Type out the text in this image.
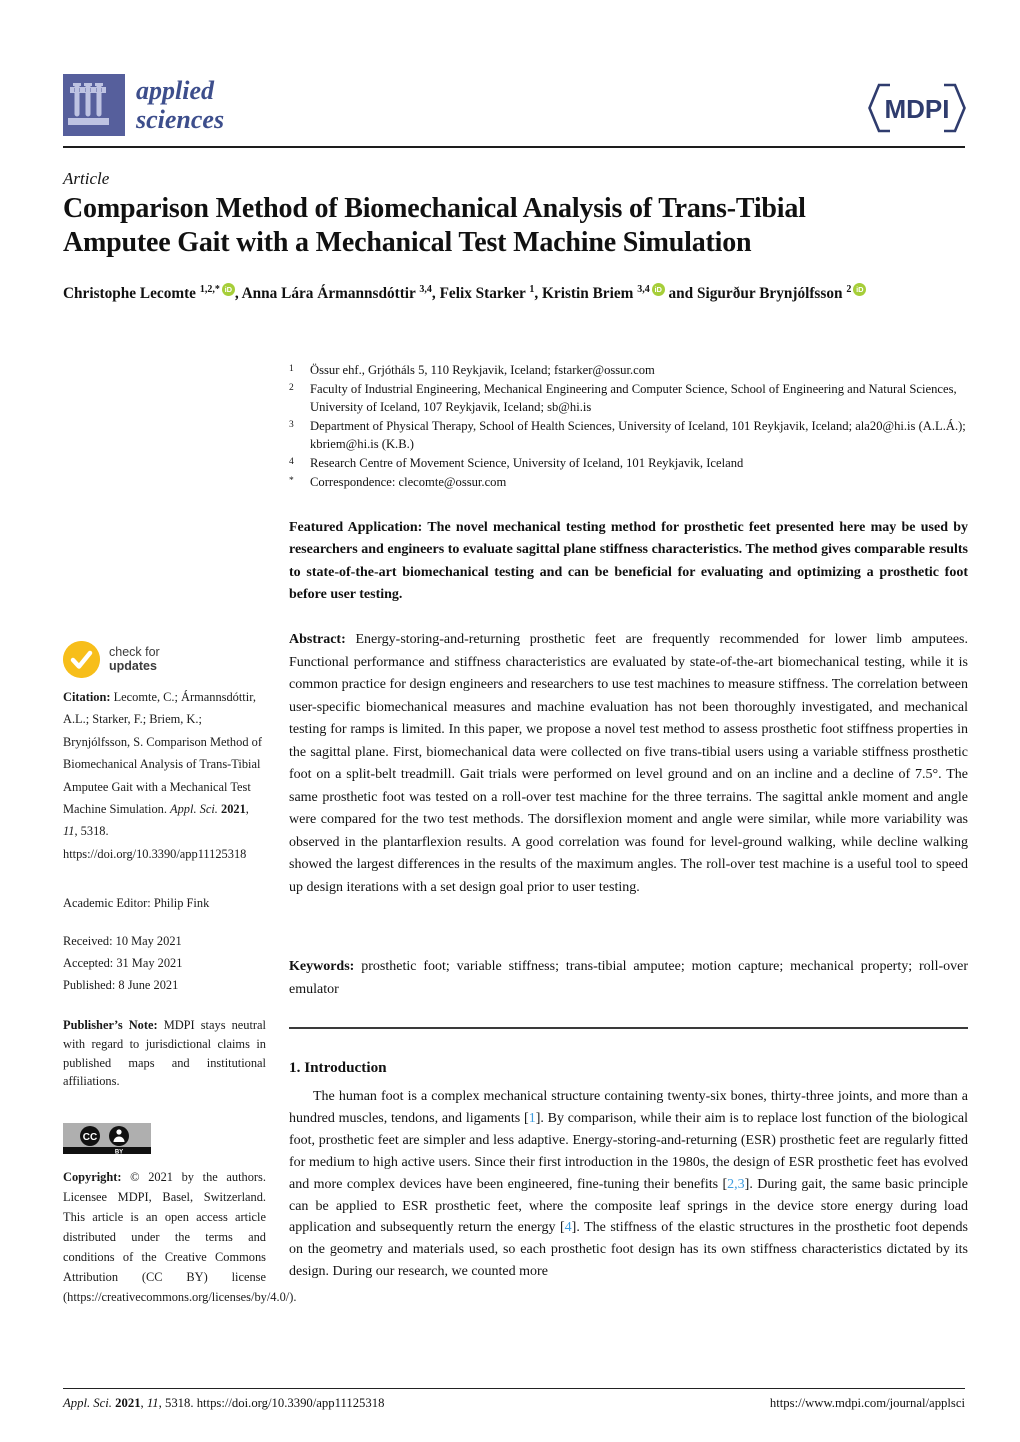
applied
sciences	MDPI
Article
Comparison Method of Biomechanical Analysis of Trans-Tibial
Amputee Gait with a Mechanical Test Machine Simulation

Christophe Lecomte $^{1,2,*}$ iD , Anna Lára Ármannsdóttir $^{3,4}$, Felix Starker $^1$, Kristin Briem $^{3,4}$ iD and Sigurður Brynjólfsson $^2$ iD

1	Össur ehf., Grjótháls 5, 110 Reykjavik, Iceland; fstarker@ossur.com
2	Faculty of Industrial Engineering, Mechanical Engineering and Computer Science, School of Engineering and Natural Sciences, University of Iceland, 107 Reykjavik, Iceland; sb@hi.is
3	Department of Physical Therapy, School of Health Sciences, University of Iceland, 101 Reykjavik, Iceland; ala20@hi.is (A.L.Á.); kbriem@hi.is (K.B.)
4	Research Centre of Movement Science, University of Iceland, 101 Reykjavik, Iceland
*	Correspondence: clecomte@ossur.com

Featured Application: The novel mechanical testing method for prosthetic feet presented here may be used by researchers and engineers to evaluate sagittal plane stiffness characteristics. The method gives comparable results to state-of-the-art biomechanical testing and can be beneficial for evaluating and optimizing a prosthetic foot before user testing.

Abstract: Energy-storing-and-returning prosthetic feet are frequently recommended for lower limb amputees. Functional performance and stiffness characteristics are evaluated by state-of-the-art biomechanical testing, while it is common practice for design engineers and researchers to use test machines to measure stiffness. The correlation between user-specific biomechanical measures and machine evaluation has not been thoroughly investigated, and mechanical testing for ramps is limited. In this paper, we propose a novel test method to assess prosthetic foot stiffness properties in the sagittal plane. First, biomechanical data were collected on five trans-tibial users using a variable stiffness prosthetic foot on a split-belt treadmill. Gait trials were performed on level ground and on an incline and a decline of 7.5°. The same prosthetic foot was tested on a roll-over test machine for the three terrains. The sagittal ankle moment and angle were compared for the two test methods. The dorsiflexion moment and angle were similar, while more variability was observed in the plantarflexion results. A good correlation was found for level-ground walking, while decline walking showed the largest differences in the results of the maximum angles. The roll-over test machine is a useful tool to speed up design iterations with a set design goal prior to user testing.

Keywords: prosthetic foot; variable stiffness; trans-tibial amputee; motion capture; mechanical property; roll-over emulator

1. Introduction

The human foot is a complex mechanical structure containing twenty-six bones, thirty-three joints, and more than a hundred muscles, tendons, and ligaments [1]. By comparison, while their aim is to replace lost function of the biological foot, prosthetic feet are simpler and less adaptive. Energy-storing-and-returning (ESR) prosthetic feet are regularly fitted for medium to high active users. Since their first introduction in the 1980s, the design of ESR prosthetic feet has evolved and more complex devices have been engineered, fine-tuning their benefits [2,3]. During gait, the same basic principle can be applied to ESR prosthetic feet, where the composite leaf springs in the device store energy during load application and subsequently return the energy [4]. The stiffness of the elastic structures in the prosthetic foot depends on the geometry and materials used, so each prosthetic foot design has its own stiffness characteristics dictated by its design. During our research, we counted more

check for
updates

Citation: Lecomte, C.; Ármannsdóttir, A.L.; Starker, F.; Briem, K.; Brynjólfsson, S. Comparison Method of Biomechanical Analysis of Trans-Tibial Amputee Gait with a Mechanical Test Machine Simulation. Appl. Sci. 2021, 11, 5318. https://doi.org/10.3390/app11125318

Academic Editor: Philip Fink

Received: 10 May 2021
Accepted: 31 May 2021
Published: 8 June 2021

Publisher’s Note: MDPI stays neutral with regard to jurisdictional claims in published maps and institutional affiliations.

CC
BY

Copyright: © 2021 by the authors. Licensee MDPI, Basel, Switzerland. This article is an open access article distributed under the terms and conditions of the Creative Commons Attribution (CC BY) license (https://creativecommons.org/licenses/by/4.0/).

Appl. Sci. 2021, 11, 5318. https://doi.org/10.3390/app11125318	https://www.mdpi.com/journal/applsci
